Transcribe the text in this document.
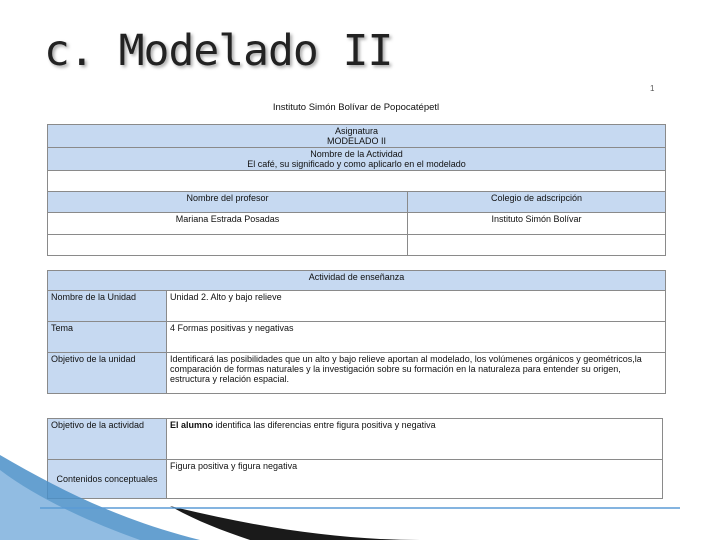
c. Modelado II
1
Instituto Simón Bolívar de Popocatépetl
Asignatura
MODELADO II	

Nombre de la Actividad
El café, su significado y como aplicarlo en el modelado	

Nombre del profesor	Colegio de adscripción
Mariana Estrada Posadas	Instituto Simón Bolívar

Actividad de enseñanza	
Nombre de la Unidad	Unidad 2. Alto y bajo relieve
Tema	4 Formas positivas y negativas
Objetivo de la unidad	Identificará las posibilidades que un alto y bajo relieve aportan al modelado, los volúmenes orgánicos y geométricos,la comparación de formas naturales y la investigación sobre su formación en la naturaleza para entender su origen, estructura y relación espacial.
Objetivo de la actividad	El alumno identifica las diferencias entre figura positiva y negativa
Contenidos conceptuales	Figura positiva y figura negativa
